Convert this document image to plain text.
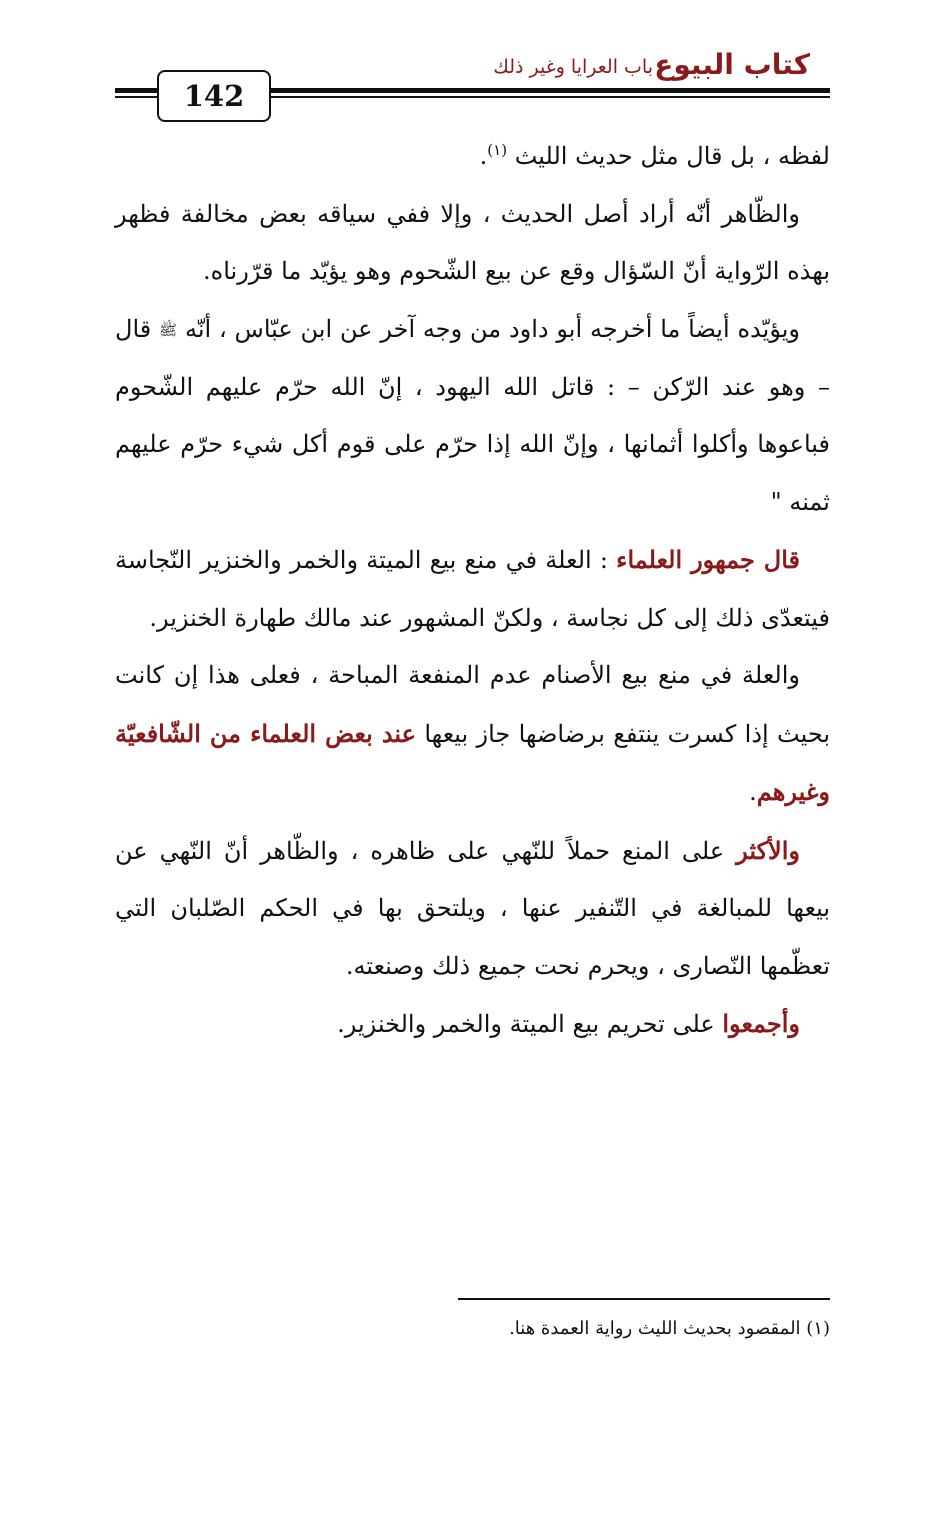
كتاب البيوع
باب العرايا وغير ذلك
142

لفظه ، بل قال مثل حديث الليث $^{(١)}$.

والظّاهر أنّه أراد أصل الحديث ، وإلا ففي سياقه بعض مخالفة فظهر بهذه الرّواية أنّ السّؤال وقع عن بيع الشّحوم وهو يؤيّد ما قرّرناه.

ويؤيّده أيضاً ما أخرجه أبو داود من وجه آخر عن ابن عبّاس ، أنّه ﷺ قال – وهو عند الرّكن – : قاتل الله اليهود ، إنّ الله حرّم عليهم الشّحوم فباعوها وأكلوا أثمانها ، وإنّ الله إذا حرّم على قوم أكل شيء حرّم عليهم ثمنه "

قال جمهور العلماء : العلة في منع بيع الميتة والخمر والخنزير النّجاسة فيتعدّى ذلك إلى كل نجاسة ، ولكنّ المشهور عند مالك طهارة الخنزير.

والعلة في منع بيع الأصنام عدم المنفعة المباحة ، فعلى هذا إن كانت بحيث إذا كسرت ينتفع برضاضها جاز بيعها عند بعض العلماء من الشّافعيّة وغيرهم.

والأكثر على المنع حملاً للنّهي على ظاهره ، والظّاهر أنّ النّهي عن بيعها للمبالغة في التّنفير عنها ، ويلتحق بها في الحكم الصّلبان التي تعظّمها النّصارى ، ويحرم نحت جميع ذلك وصنعته.

وأجمعوا على تحريم بيع الميتة والخمر والخنزير.

(١) المقصود بحديث الليث رواية العمدة هنا.
